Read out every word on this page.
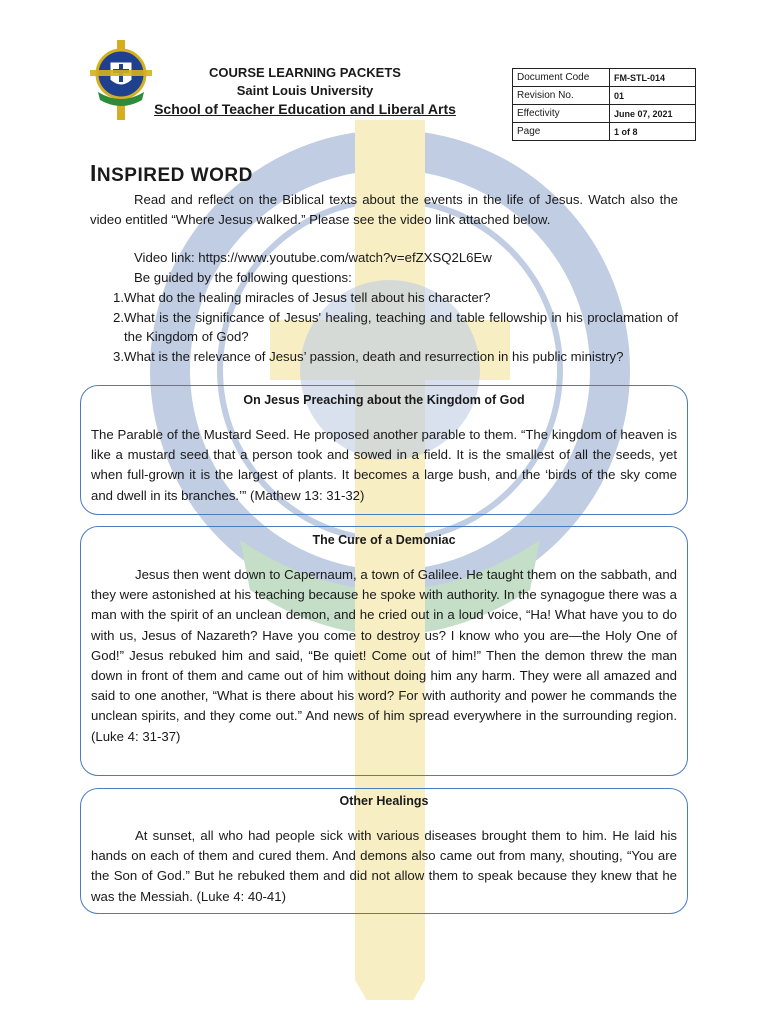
COURSE LEARNING PACKETS
Saint Louis University
School of Teacher Education and Liberal Arts
Document Code	FM-STL-014
Revision No.	01
Effectivity	June 07, 2021
Page	1 of 8
INSPIRED WORD
Read and reflect on the Biblical texts about the events in the life of Jesus. Watch also the video entitled “Where Jesus walked.” Please see the video link attached below.
Video link: https://www.youtube.com/watch?v=efZXSQ2L6Ew
Be guided by the following questions:
1. What do the healing miracles of Jesus tell about his character?
2. What is the significance of Jesus' healing, teaching and table fellowship in his proclamation of the Kingdom of God?
3. What is the relevance of Jesus’ passion, death and resurrection in his public ministry?
On Jesus Preaching about the Kingdom of God

The Parable of the Mustard Seed. He proposed another parable to them. “The kingdom of heaven is like a mustard seed that a person took and sowed in a field. It is the smallest of all the seeds, yet when full-grown it is the largest of plants. It becomes a large bush, and the ‘birds of the sky come and dwell in its branches.’” (Mathew 13: 31-32)

The Cure of a Demoniac

Jesus then went down to Capernaum, a town of Galilee. He taught them on the sabbath, and they were astonished at his teaching because he spoke with authority. In the synagogue there was a man with the spirit of an unclean demon, and he cried out in a loud voice, “Ha! What have you to do with us, Jesus of Nazareth? Have you come to destroy us? I know who you are—the Holy One of God!” Jesus rebuked him and said, “Be quiet! Come out of him!” Then the demon threw the man down in front of them and came out of him without doing him any harm. They were all amazed and said to one another, “What is there about his word? For with authority and power he commands the unclean spirits, and they come out.” And news of him spread everywhere in the surrounding region. (Luke 4: 31-37)

Other Healings

At sunset, all who had people sick with various diseases brought them to him. He laid his hands on each of them and cured them. And demons also came out from many, shouting, “You are the Son of God.” But he rebuked them and did not allow them to speak because they knew that he was the Messiah. (Luke 4: 40-41)
